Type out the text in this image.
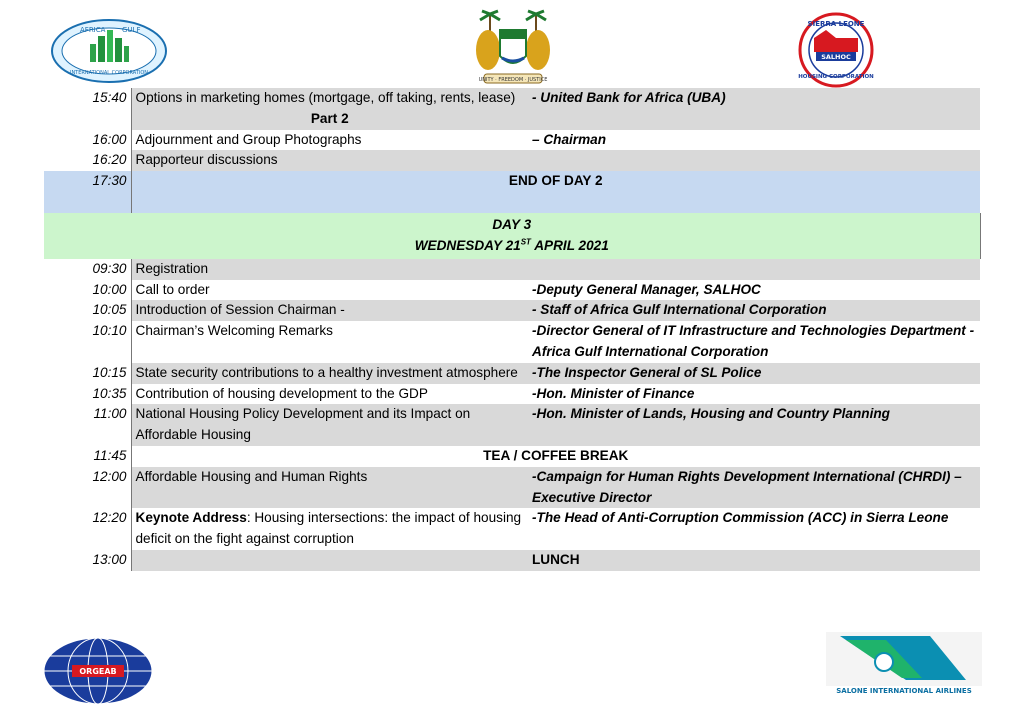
AFRICA GULF
INTERNATIONAL CORPORATION
UNITY · FREEDOM · JUSTICE
SIERRA LEONE
SALHOC
HOUSING CORPORATION
15:40	Options in marketing homes (mortgage, off taking, rents, lease)	- United Bank for Africa (UBA)
	Part 2	
16:00	Adjournment and Group Photographs	– Chairman
16:20	Rapporteur discussions	
17:30	END OF DAY 2	

DAY 3
WEDNESDAY 21ST APRIL 2021		

09:30	Registration	
10:00	Call to order	-Deputy General Manager, SALHOC
10:05	Introduction of Session Chairman -	- Staff of Africa Gulf International Corporation
10:10	Chairman’s Welcoming Remarks	-Director General of IT Infrastructure and Technologies Department - Africa Gulf International Corporation
10:15	State security contributions to a healthy investment atmosphere	-The Inspector General of SL Police
10:35	Contribution of housing development to the GDP	-Hon. Minister of Finance
11:00	National Housing Policy Development and its Impact on Affordable Housing	-Hon. Minister of Lands, Housing and Country Planning
11:45	TEA / COFFEE BREAK	
12:00	Affordable Housing and Human Rights	-Campaign for Human Rights Development International (CHRDI) – Executive Director
12:20	Keynote Address: Housing intersections: the impact of housing deficit on the fight against corruption	-The Head of Anti-Corruption Commission (ACC) in Sierra Leone
13:00	LUNCH	
ORGEAB
SALONE INTERNATIONAL AIRLINES
